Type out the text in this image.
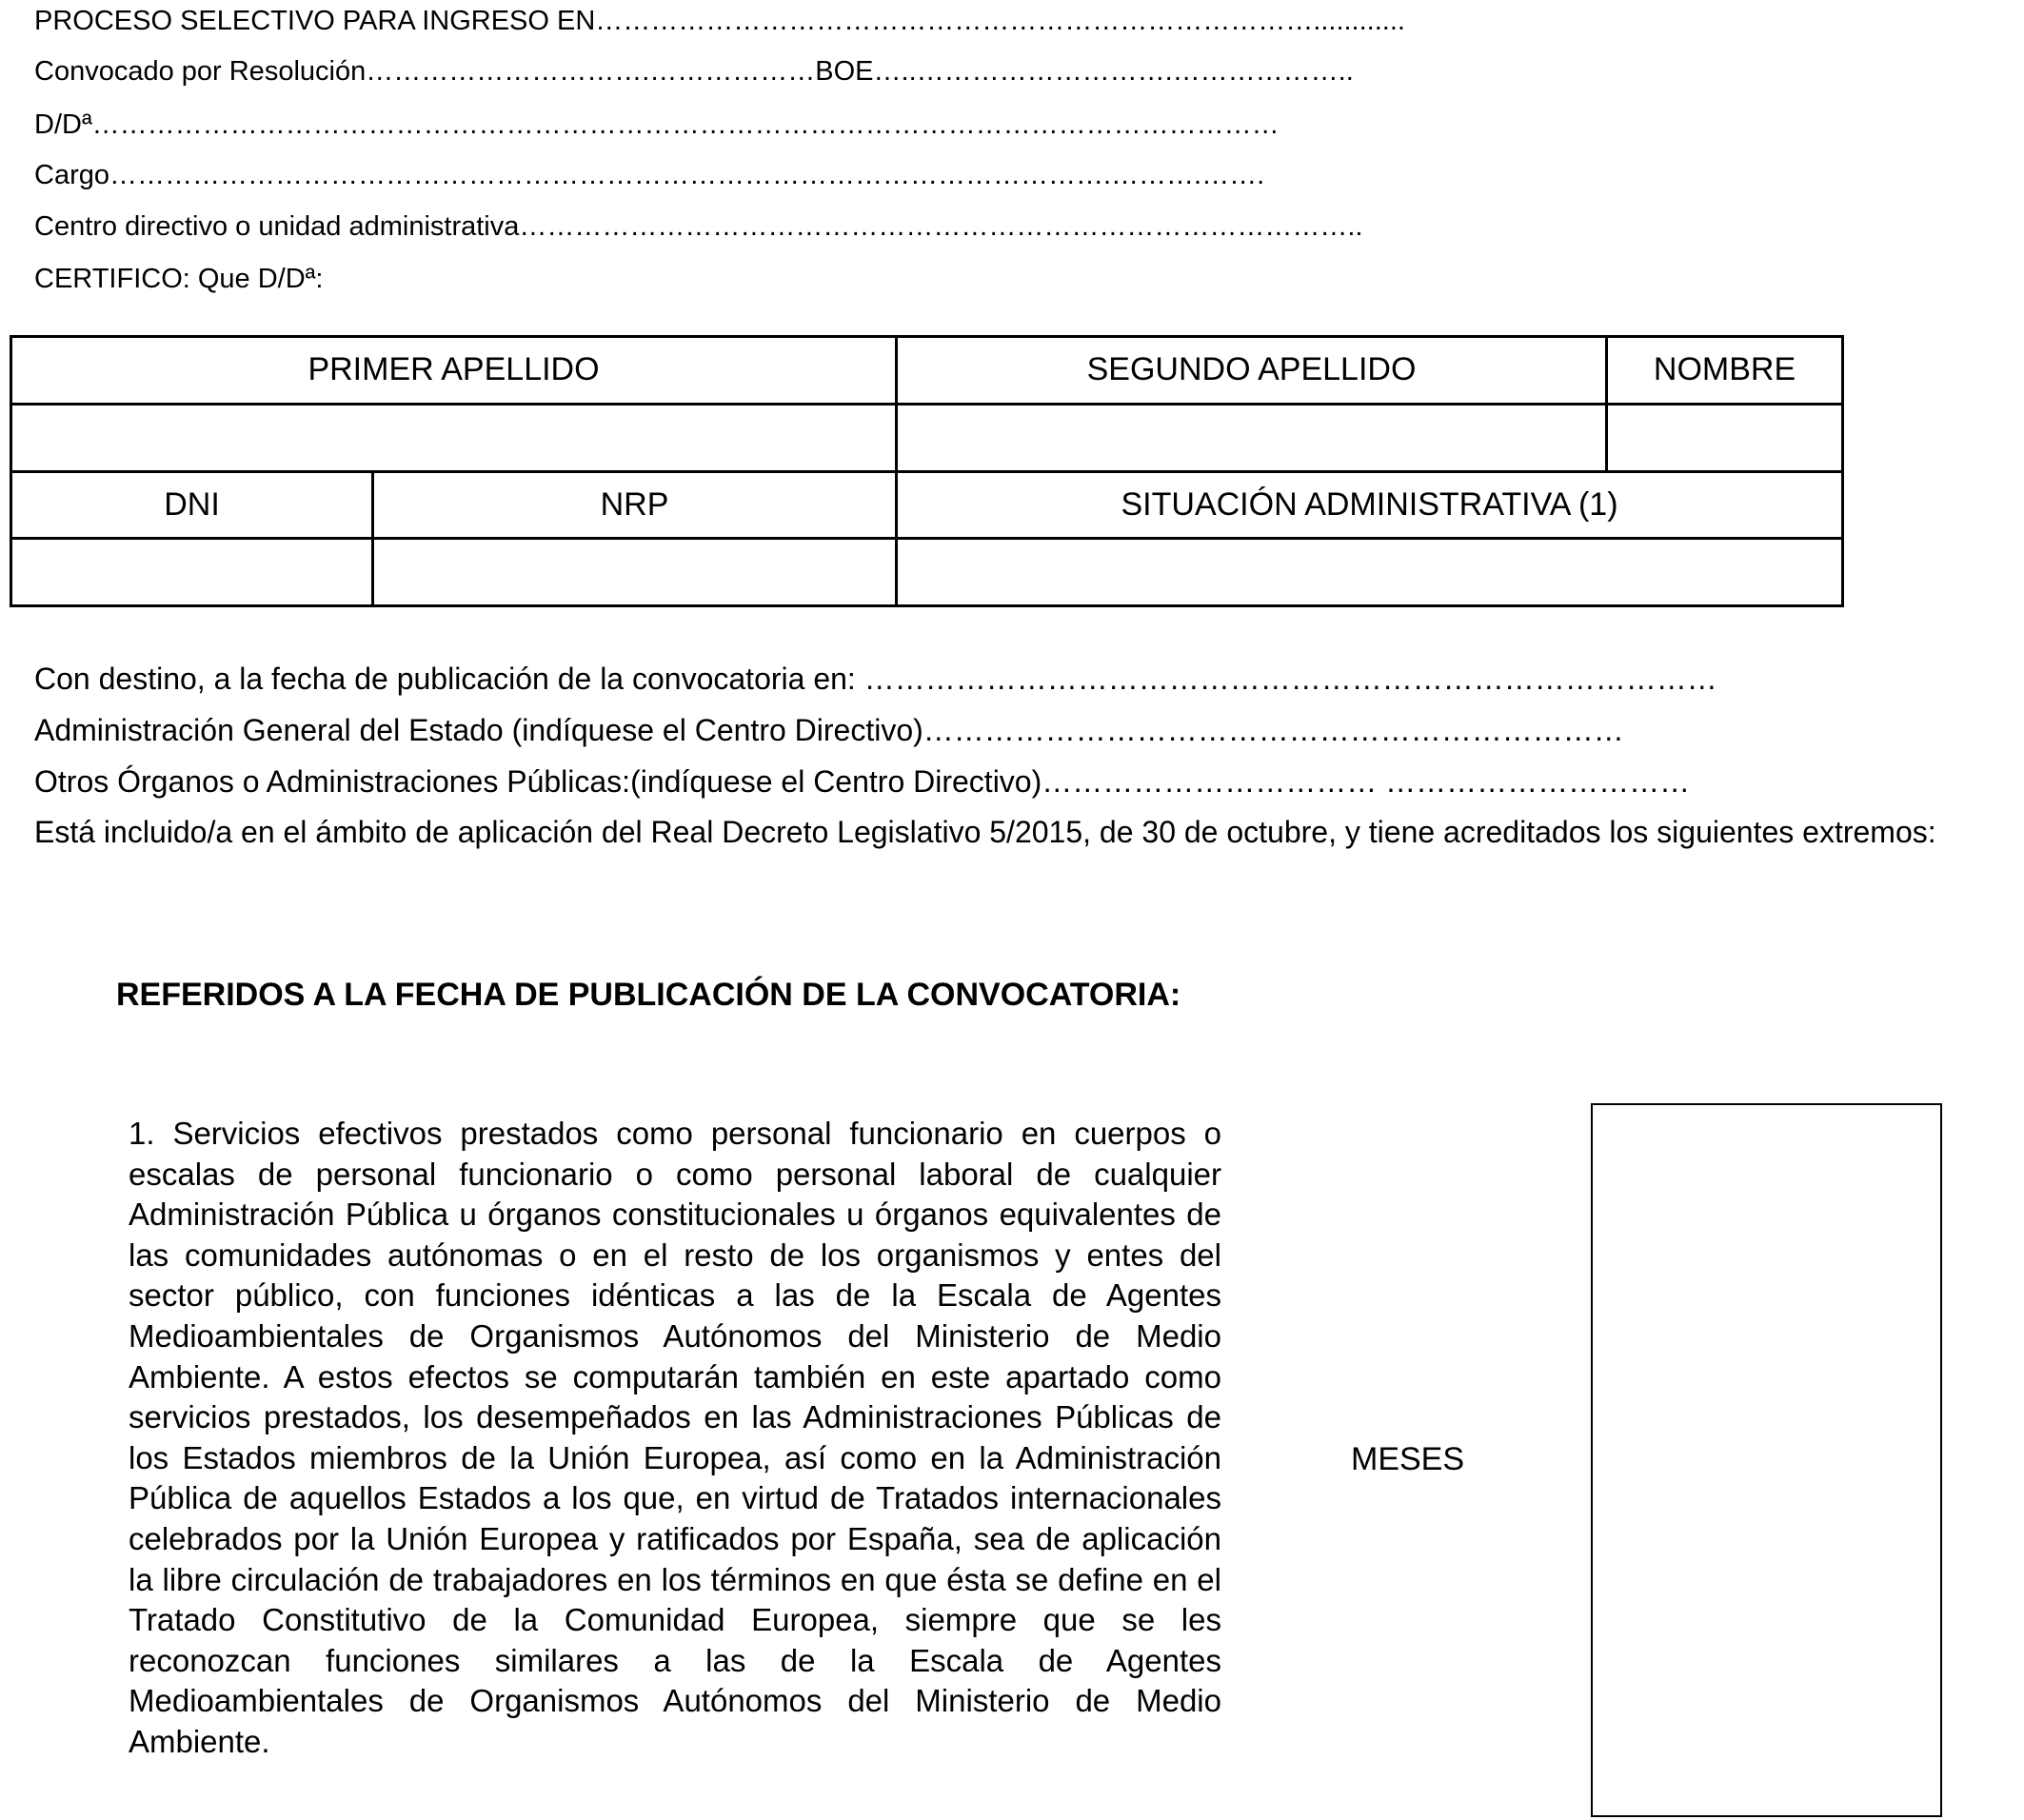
PROCESO SELECTIVO PARA INGRESO EN……………………………………………………………………............
Convocado por Resolución………………………….………………BOE…..……………………….………………..
D/Dª…………………………………………………………………………………………………………………
Cargo……………………………………………………………………………………………….……….…….
Centro directivo o unidad administrativa………………………………………………………………………………..
CERTIFICO: Que D/Dª:
PRIMER APELLIDO		SEGUNDO APELLIDO	NOMBRE

DNI	NRP	SITUACIÓN ADMINISTRATIVA (1)	

Con destino, a la fecha de publicación de la convocatoria en: …………………………………………………………………………
Administración General del Estado (indíquese el Centro Directivo)……………………………………………………………
Otros Órganos o Administraciones Públicas:(indíquese el Centro Directivo)…………………………… …………………………
Está incluido/a en el ámbito de aplicación del Real Decreto Legislativo 5/2015, de 30 de octubre, y tiene acreditados los siguientes extremos:
REFERIDOS A LA FECHA DE PUBLICACIÓN DE LA CONVOCATORIA:
1. Servicios efectivos prestados como personal funcionario en cuerpos o escalas de personal funcionario o como personal laboral de cualquier Administración Pública u órganos constitucionales u órganos equivalentes de las comunidades autónomas o en el resto de los organismos y entes del sector público, con funciones idénticas a las de la Escala de Agentes Medioambientales de Organismos Autónomos del Ministerio de Medio Ambiente. A estos efectos se computarán también en este apartado como servicios prestados, los desempeñados en las Administraciones Públicas de los Estados miembros de la Unión Europea, así como en la Administración Pública de aquellos Estados a los que, en virtud de Tratados internacionales celebrados por la Unión Europea y ratificados por España, sea de aplicación la libre circulación de trabajadores en los términos en que ésta se define en el Tratado Constitutivo de la Comunidad Europea, siempre que se les reconozcan funciones similares a las de la Escala de Agentes Medioambientales de Organismos Autónomos del Ministerio de Medio Ambiente.
MESES
